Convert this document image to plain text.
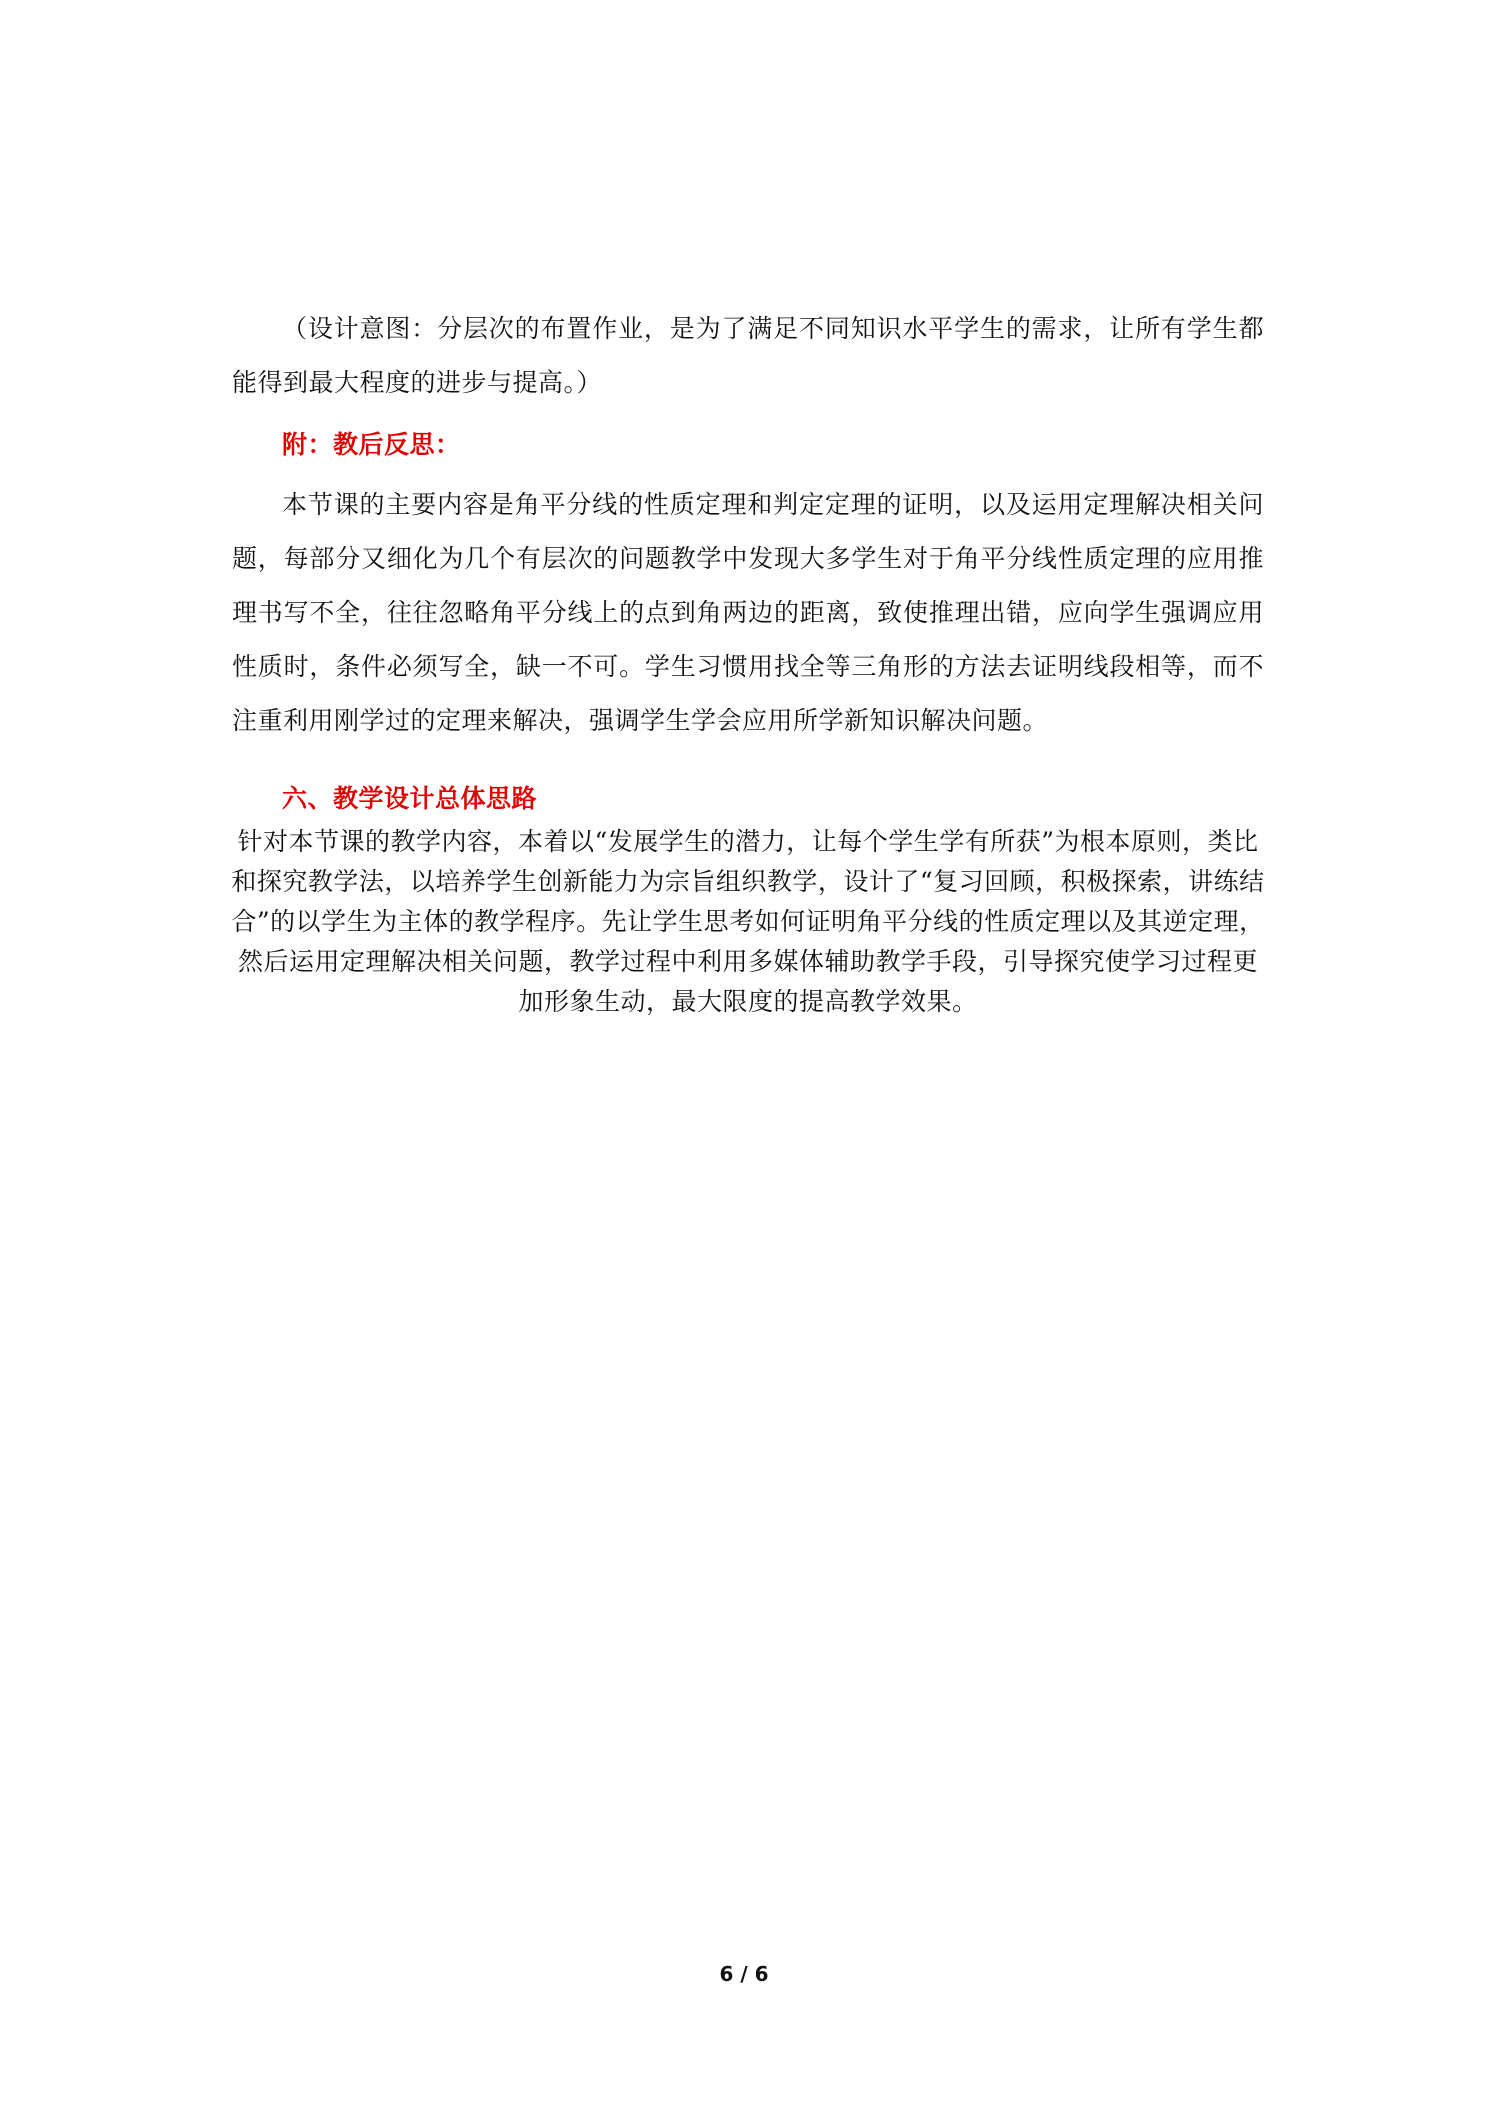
（设计意图：分层次的布置作业，是为了满足不同知识水平学生的需求，让所有学生都能得到最大程度的进步与提高。）

附：教后反思：

本节课的主要内容是角平分线的性质定理和判定定理的证明，以及运用定理解决相关问题，每部分又细化为几个有层次的问题教学中发现大多学生对于角平分线性质定理的应用推理书写不全，往往忽略角平分线上的点到角两边的距离，致使推理出错，应向学生强调应用性质时，条件必须写全，缺一不可。学生习惯用找全等三角形的方法去证明线段相等，而不注重利用刚学过的定理来解决，强调学生学会应用所学新知识解决问题。

六、教学设计总体思路

针对本节课的教学内容，本着以“发展学生的潜力，让每个学生学有所获”为根本原则，类比和探究教学法，以培养学生创新能力为宗旨组织教学，设计了“复习回顾，积极探索，讲练结合”的以学生为主体的教学程序。先让学生思考如何证明角平分线的性质定理以及其逆定理，然后运用定理解决相关问题，教学过程中利用多媒体辅助教学手段，引导探究使学习过程更加形象生动，最大限度的提高教学效果。

6 / 6
